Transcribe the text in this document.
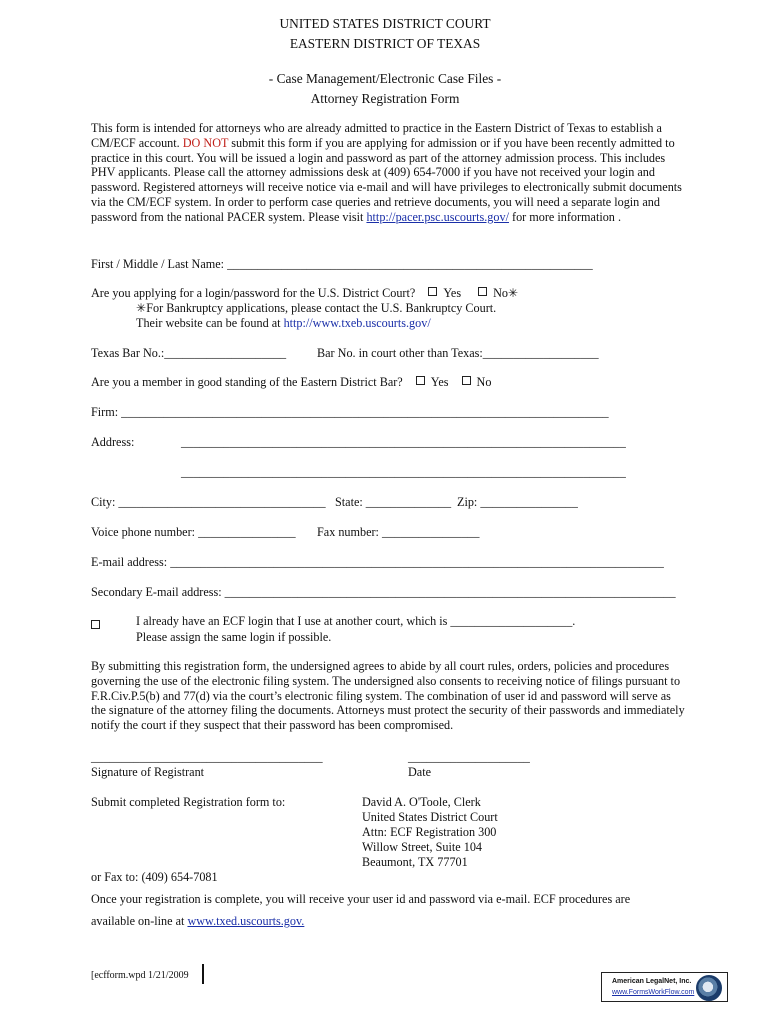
UNITED STATES DISTRICT COURT
EASTERN DISTRICT OF TEXAS
- Case Management/Electronic Case Files -
Attorney Registration Form
This form is intended for attorneys who are already admitted to practice in the Eastern District of Texas to establish a CM/ECF account. DO NOT submit this form if you are applying for admission or if you have been recently admitted to practice in this court. You will be issued a login and password as part of the attorney admission process. This includes PHV applicants. Please call the attorney admissions desk at (409) 654-7000 if you have not received your login and password. Registered attorneys will receive notice via e-mail and will have privileges to electronically submit documents via the CM/ECF system. In order to perform case queries and retrieve documents, you will need a separate login and password from the national PACER system. Please visit http://pacer.psc.uscourts.gov/ for more information .
First / Middle / Last Name: ____________________________________________________________
Are you applying for a login/password for the U.S. District Court? Yes	No✳
✳For Bankruptcy applications, please contact the U.S. Bankruptcy Court.
Their website can be found at http://www.txeb.uscourts.gov/
Texas Bar No.:____________________	Bar No. in court other than Texas:___________________
Are you a member in good standing of the Eastern District Bar? Yes No
Firm: ________________________________________________________________________________
Address:	_________________________________________________________________________
_________________________________________________________________________
City: __________________________________ State: ______________ Zip: ________________
Voice phone number: ________________ Fax number: ________________
E-mail address: _________________________________________________________________________________
Secondary E-mail address: __________________________________________________________________________
I already have an ECF login that I use at another court, which is ____________________.
Please assign the same login if possible.
By submitting this registration form, the undersigned agrees to abide by all court rules, orders, policies and procedures governing the use of the electronic filing system. The undersigned also consents to receiving notice of filings pursuant to F.R.Civ.P.5(b) and 77(d) via the court’s electronic filing system. The combination of user id and password will serve as the signature of the attorney filing the documents. Attorneys must protect the security of their passwords and immediately notify the court if they suspect that their password has been compromised.
______________________________________
Signature of Registrant
____________________
Date
Submit completed Registration form to:	David A. O'Toole, Clerk
United States District Court
Attn: ECF Registration 300
Willow Street, Suite 104
Beaumont, TX 77701
or Fax to: (409) 654-7081
Once your registration is complete, you will receive your user id and password via e-mail. ECF procedures are
available on-line at www.txed.uscourts.gov.
[ecfform.wpd 1/21/2009
American LegalNet, Inc.
www.FormsWorkFlow.com
